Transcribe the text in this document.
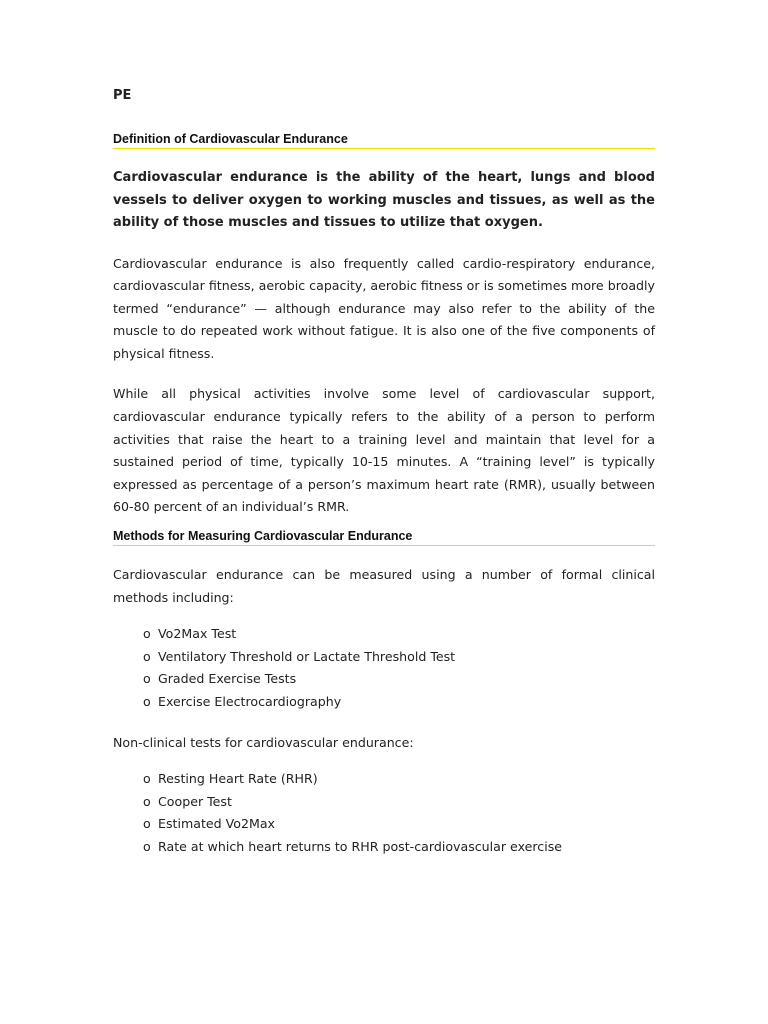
PE
Definition of Cardiovascular Endurance

Cardiovascular endurance is the ability of the heart, lungs and blood vessels to deliver oxygen to working muscles and tissues, as well as the ability of those muscles and tissues to utilize that oxygen.

Cardiovascular endurance is also frequently called cardio-respiratory endurance, cardiovascular fitness, aerobic capacity, aerobic fitness or is sometimes more broadly termed “endurance” — although endurance may also refer to the ability of the muscle to do repeated work without fatigue. It is also one of the five components of physical fitness.

While all physical activities involve some level of cardiovascular support, cardiovascular endurance typically refers to the ability of a person to perform activities that raise the heart to a training level and maintain that level for a sustained period of time, typically 10-15 minutes. A “training level” is typically expressed as percentage of a person’s maximum heart rate (RMR), usually between 60-80 percent of an individual’s RMR.

Methods for Measuring Cardiovascular Endurance

Cardiovascular endurance can be measured using a number of formal clinical methods including:

o Vo2Max Test
o Ventilatory Threshold or Lactate Threshold Test
o Graded Exercise Tests
o Exercise Electrocardiography

Non-clinical tests for cardiovascular endurance:

o Resting Heart Rate (RHR)
o Cooper Test
o Estimated Vo2Max
o Rate at which heart returns to RHR post-cardiovascular exercise
